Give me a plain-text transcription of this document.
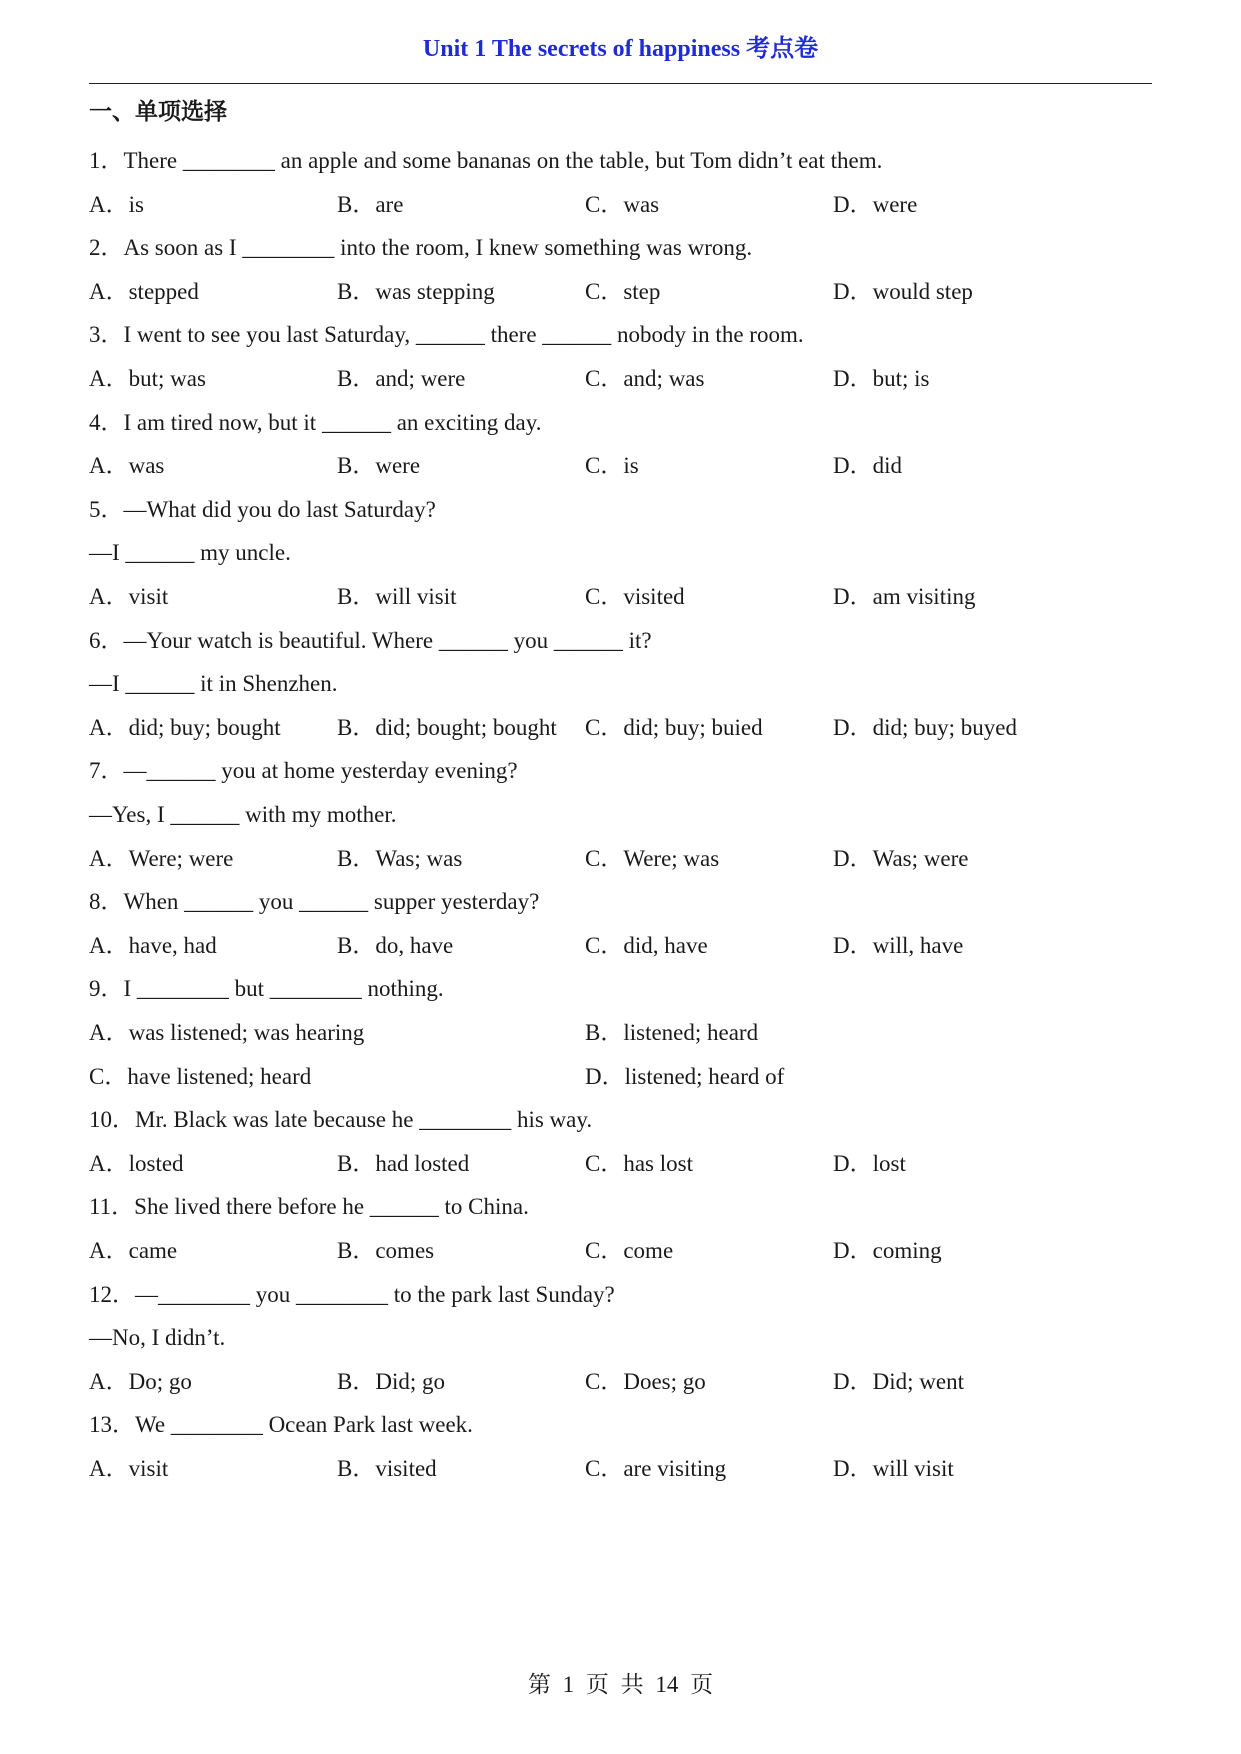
Unit 1 The secrets of happiness 考点卷
一、单项选择
1．There ________ an apple and some bananas on the table, but Tom didn’t eat them.
A．is	B．are	C．was	D．were
2．As soon as I ________ into the room, I knew something was wrong.
A．stepped	B．was stepping	C．step	D．would step
3．I went to see you last Saturday, ______ there ______ nobody in the room.
A．but; was	B．and; were	C．and; was	D．but; is
4．I am tired now, but it ______ an exciting day.
A．was	B．were	C．is	D．did
5．—What did you do last Saturday?
—I ______ my uncle.
A．visit	B．will visit	C．visited	D．am visiting
6．—Your watch is beautiful. Where ______ you ______ it?
—I ______ it in Shenzhen.
A．did; buy; bought B．did; bought; bought C．did; buy; buied	D．did; buy; buyed
7．—______ you at home yesterday evening?
—Yes, I ______ with my mother.
A．Were; were	B．Was; was	C．Were; was	D．Was; were
8．When ______ you ______ supper yesterday?
A．have, had	B．do, have	C．did, have	D．will, have
9．I ________ but ________ nothing.
A．was listened; was hearing	B．listened; heard
C．have listened; heard	D．listened; heard of
10．Mr. Black was late because he ________ his way.
A．losted	B．had losted	C．has lost	D．lost
11．She lived there before he ______ to China.
A．came	B．comes	C．come	D．coming
12．—________ you ________ to the park last Sunday?
—No, I didn’t.
A．Do; go	B．Did; go	C．Does; go	D．Did; went
13．We ________ Ocean Park last week.
A．visit	B．visited	C．are visiting	D．will visit
第 1 页 共 14 页
